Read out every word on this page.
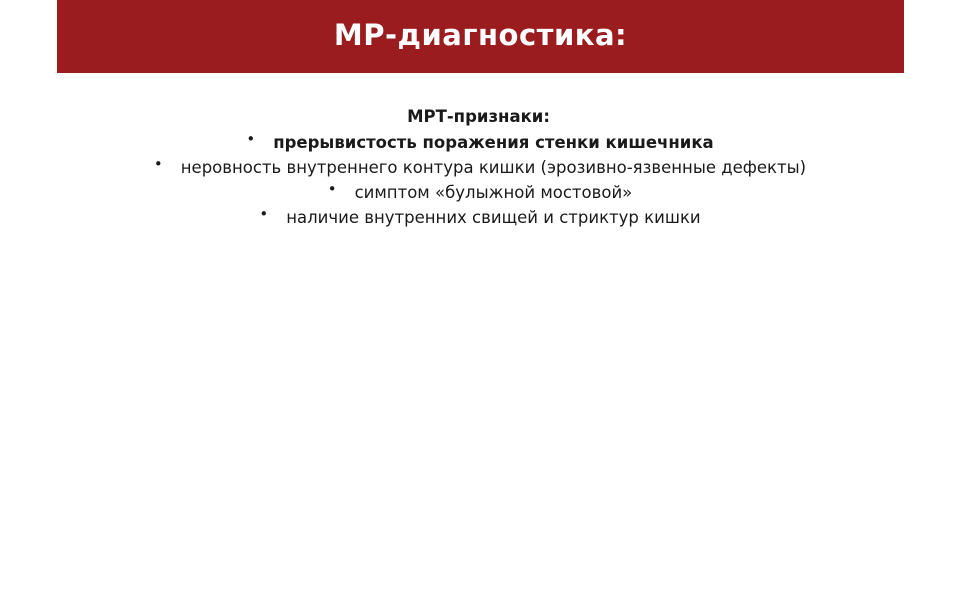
МР-диагностика:
МРТ-признаки:
• прерывистость поражения стенки кишечника
• неровность внутреннего контура кишки (эрозивно-язвенные дефекты)
• симптом «булыжной мостовой»
• наличие внутренних свищей и стриктур кишки
